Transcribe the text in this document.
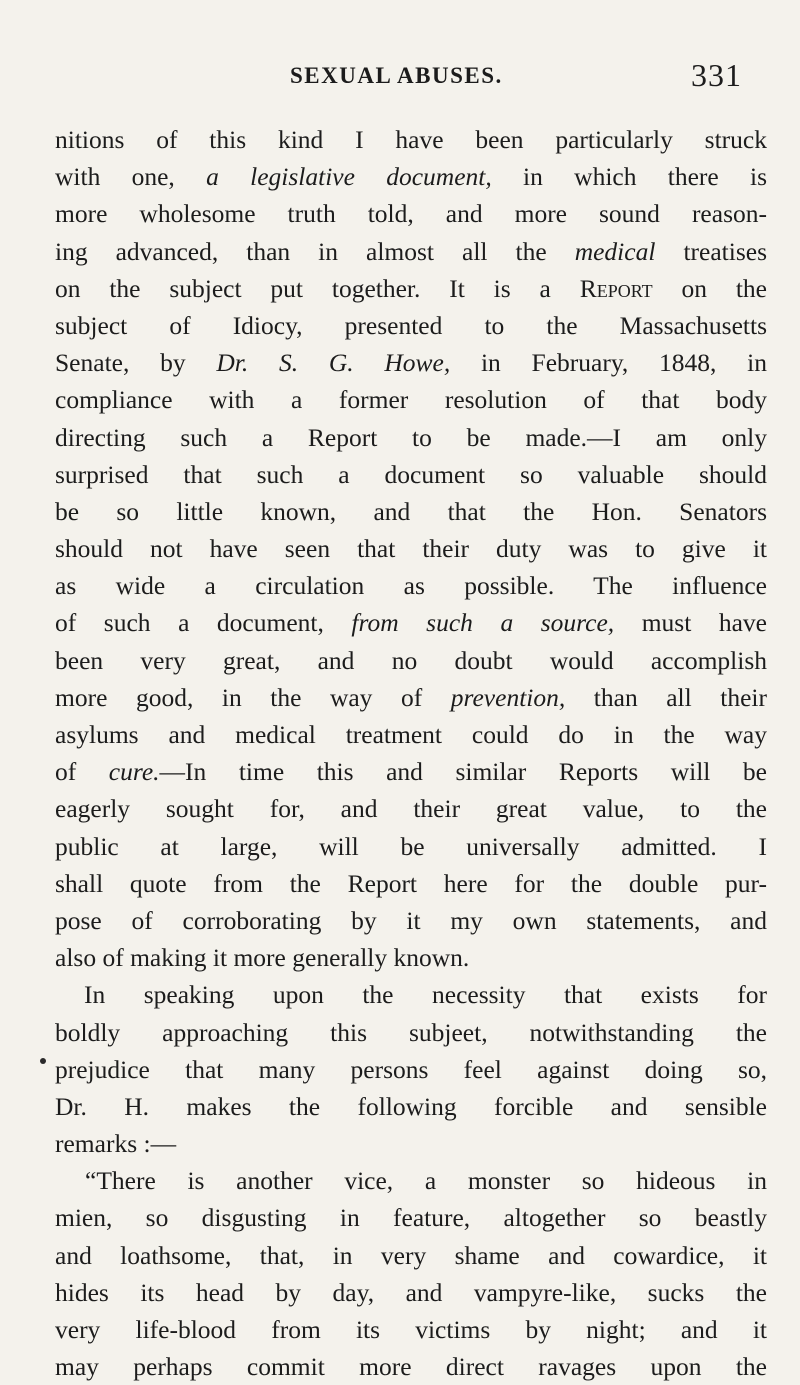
SEXUAL ABUSES.	331
nitions of this kind I have been particularly struck
with one, a legislative document, in which there is
more wholesome truth told, and more sound reason-
ing advanced, than in almost all the medical treatises
on the subject put together. It is a Report on the
subject of Idiocy, presented to the Massachusetts
Senate, by Dr. S. G. Howe, in February, 1848, in
compliance with a former resolution of that body
directing such a Report to be made.—I am only
surprised that such a document so valuable should
be so little known, and that the Hon. Senators
should not have seen that their duty was to give it
as wide a circulation as possible. The influence
of such a document, from such a source, must have
been very great, and no doubt would accomplish
more good, in the way of prevention, than all their
asylums and medical treatment could do in the way
of cure.—In time this and similar Reports will be
eagerly sought for, and their great value, to the
public at large, will be universally admitted. I
shall quote from the Report here for the double pur-
pose of corroborating by it my own statements, and
also of making it more generally known.
In speaking upon the necessity that exists for
boldly approaching this subjeet, notwithstanding the
prejudice that many persons feel against doing so,
Dr. H. makes the following forcible and sensible
remarks :—
“There is another vice, a monster so hideous in
mien, so disgusting in feature, altogether so beastly
and loathsome, that, in very shame and cowardice, it
hides its head by day, and vampyre-like, sucks the
very life-blood from its victims by night; and it
may perhaps commit more direct ravages upon the
